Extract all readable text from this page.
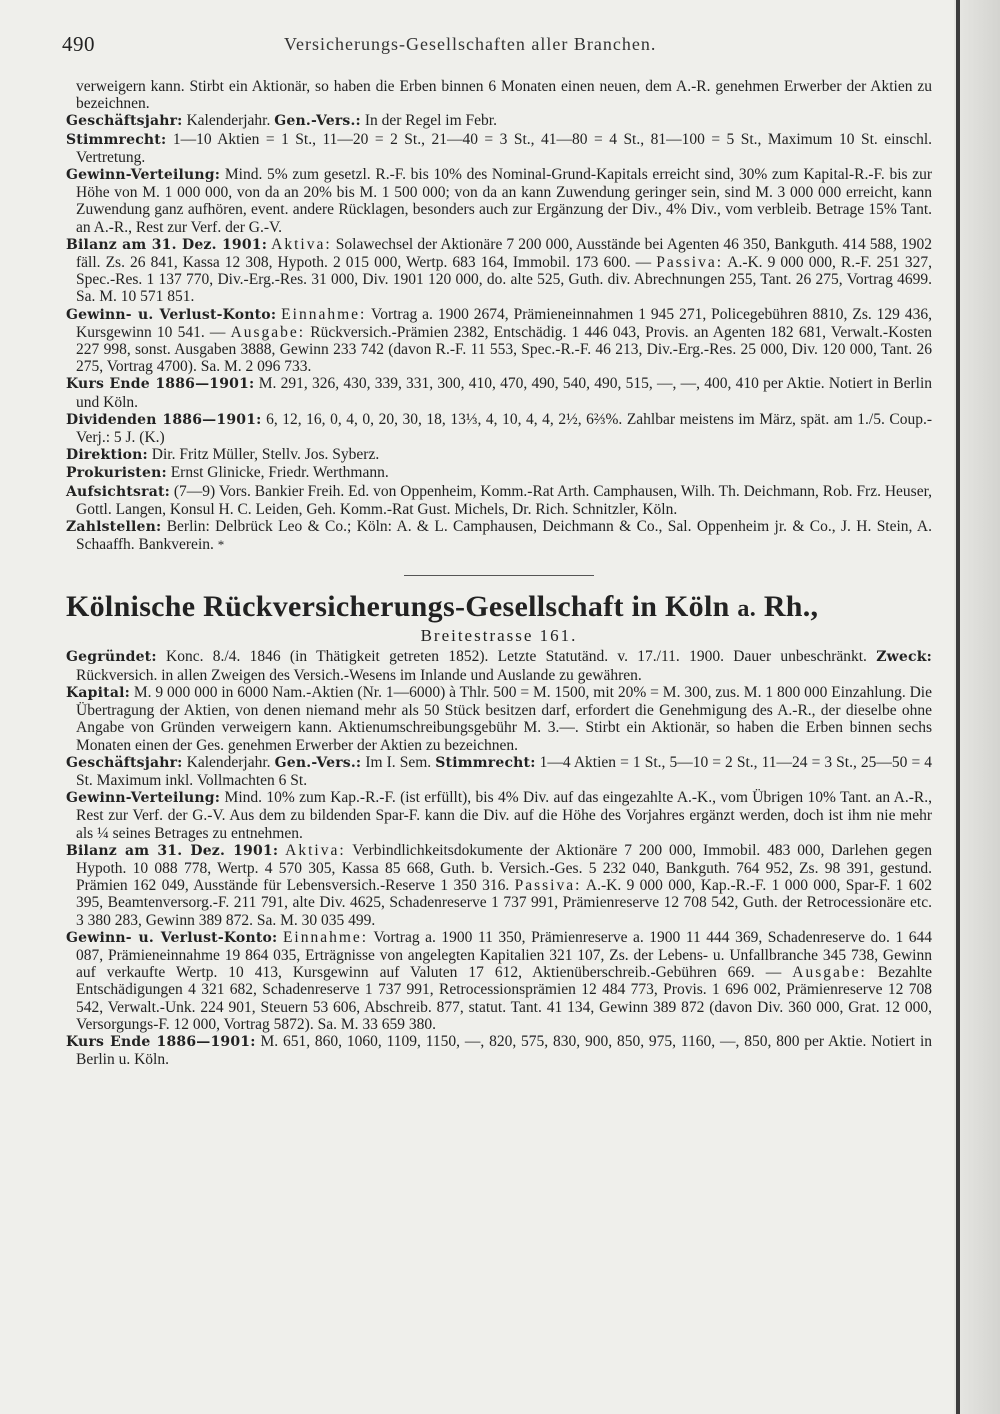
490	Versicherungs-Gesellschaften aller Branchen.

verweigern kann. Stirbt ein Aktionär, so haben die Erben binnen 6 Monaten einen neuen, dem A.-R. genehmen Erwerber der Aktien zu bezeichnen.

Geschäftsjahr: Kalenderjahr. Gen.-Vers.: In der Regel im Febr.

Stimmrecht: 1—10 Aktien = 1 St., 11—20 = 2 St., 21—40 = 3 St., 41—80 = 4 St., 81—100 = 5 St., Maximum 10 St. einschl. Vertretung.

Gewinn-Verteilung: Mind. 5% zum gesetzl. R.-F. bis 10% des Nominal-Grund-Kapitals erreicht sind, 30% zum Kapital-R.-F. bis zur Höhe von M. 1 000 000, von da an 20% bis M. 1 500 000; von da an kann Zuwendung geringer sein, sind M. 3 000 000 erreicht, kann Zuwendung ganz aufhören, event. andere Rücklagen, besonders auch zur Ergänzung der Div., 4% Div., vom verbleib. Betrage 15% Tant. an A.-R., Rest zur Verf. der G.-V.

Bilanz am 31. Dez. 1901: Aktiva: Solawechsel der Aktionäre 7 200 000, Ausstände bei Agenten 46 350, Bankguth. 414 588, 1902 fäll. Zs. 26 841, Kassa 12 308, Hypoth. 2 015 000, Wertp. 683 164, Immobil. 173 600. — Passiva: A.-K. 9 000 000, R.-F. 251 327, Spec.-Res. 1 137 770, Div.-Erg.-Res. 31 000, Div. 1901 120 000, do. alte 525, Guth. div. Abrechnungen 255, Tant. 26 275, Vortrag 4699. Sa. M. 10 571 851.

Gewinn- u. Verlust-Konto: Einnahme: Vortrag a. 1900 2674, Prämieneinnahmen 1 945 271, Policegebühren 8810, Zs. 129 436, Kursgewinn 10 541. — Ausgabe: Rückversich.-Prämien 2382, Entschädig. 1 446 043, Provis. an Agenten 182 681, Verwalt.-Kosten 227 998, sonst. Ausgaben 3888, Gewinn 233 742 (davon R.-F. 11 553, Spec.-R.-F. 46 213, Div.-Erg.-Res. 25 000, Div. 120 000, Tant. 26 275, Vortrag 4700). Sa. M. 2 096 733.

Kurs Ende 1886—1901: M. 291, 326, 430, 339, 331, 300, 410, 470, 490, 540, 490, 515, —, —, 400, 410 per Aktie. Notiert in Berlin und Köln.

Dividenden 1886—1901: 6, 12, 16, 0, 4, 0, 20, 30, 18, 13⅓, 4, 10, 4, 4, 2½, 6⅔%. Zahlbar meistens im März, spät. am 1./5. Coup.-Verj.: 5 J. (K.)

Direktion: Dir. Fritz Müller, Stellv. Jos. Syberz.

Prokuristen: Ernst Glinicke, Friedr. Werthmann.

Aufsichtsrat: (7—9) Vors. Bankier Freih. Ed. von Oppenheim, Komm.-Rat Arth. Camphausen, Wilh. Th. Deichmann, Rob. Frz. Heuser, Gottl. Langen, Konsul H. C. Leiden, Geh. Komm.-Rat Gust. Michels, Dr. Rich. Schnitzler, Köln.

Zahlstellen: Berlin: Delbrück Leo & Co.; Köln: A. & L. Camphausen, Deichmann & Co., Sal. Oppenheim jr. & Co., J. H. Stein, A. Schaaffh. Bankverein. *

Kölnische Rückversicherungs-Gesellschaft in Köln a. Rh.,

Breitestrasse 161.

Gegründet: Konc. 8./4. 1846 (in Thätigkeit getreten 1852). Letzte Statutänd. v. 17./11. 1900. Dauer unbeschränkt. Zweck: Rückversich. in allen Zweigen des Versich.-Wesens im Inlande und Auslande zu gewähren.

Kapital: M. 9 000 000 in 6000 Nam.-Aktien (Nr. 1—6000) à Thlr. 500 = M. 1500, mit 20% = M. 300, zus. M. 1 800 000 Einzahlung. Die Übertragung der Aktien, von denen niemand mehr als 50 Stück besitzen darf, erfordert die Genehmigung des A.-R., der dieselbe ohne Angabe von Gründen verweigern kann. Aktienumschreibungsgebühr M. 3.—. Stirbt ein Aktionär, so haben die Erben binnen sechs Monaten einen der Ges. genehmen Erwerber der Aktien zu bezeichnen.

Geschäftsjahr: Kalenderjahr. Gen.-Vers.: Im I. Sem. Stimmrecht: 1—4 Aktien = 1 St., 5—10 = 2 St., 11—24 = 3 St., 25—50 = 4 St. Maximum inkl. Vollmachten 6 St.

Gewinn-Verteilung: Mind. 10% zum Kap.-R.-F. (ist erfüllt), bis 4% Div. auf das eingezahlte A.-K., vom Übrigen 10% Tant. an A.-R., Rest zur Verf. der G.-V. Aus dem zu bildenden Spar-F. kann die Div. auf die Höhe des Vorjahres ergänzt werden, doch ist ihm nie mehr als ¼ seines Betrages zu entnehmen.

Bilanz am 31. Dez. 1901: Aktiva: Verbindlichkeitsdokumente der Aktionäre 7 200 000, Immobil. 483 000, Darlehen gegen Hypoth. 10 088 778, Wertp. 4 570 305, Kassa 85 668, Guth. b. Versich.-Ges. 5 232 040, Bankguth. 764 952, Zs. 98 391, gestund. Prämien 162 049, Ausstände für Lebensversich.-Reserve 1 350 316. Passiva: A.-K. 9 000 000, Kap.-R.-F. 1 000 000, Spar-F. 1 602 395, Beamtenversorg.-F. 211 791, alte Div. 4625, Schadenreserve 1 737 991, Prämienreserve 12 708 542, Guth. der Retrocessionäre etc. 3 380 283, Gewinn 389 872. Sa. M. 30 035 499.

Gewinn- u. Verlust-Konto: Einnahme: Vortrag a. 1900 11 350, Prämienreserve a. 1900 11 444 369, Schadenreserve do. 1 644 087, Prämieneinnahme 19 864 035, Erträgnisse von angelegten Kapitalien 321 107, Zs. der Lebens- u. Unfallbranche 345 738, Gewinn auf verkaufte Wertp. 10 413, Kursgewinn auf Valuten 17 612, Aktienüberschreib.-Gebühren 669. — Ausgabe: Bezahlte Entschädigungen 4 321 682, Schadenreserve 1 737 991, Retrocessionsprämien 12 484 773, Provis. 1 696 002, Prämienreserve 12 708 542, Verwalt.-Unk. 224 901, Steuern 53 606, Abschreib. 877, statut. Tant. 41 134, Gewinn 389 872 (davon Div. 360 000, Grat. 12 000, Versorgungs-F. 12 000, Vortrag 5872). Sa. M. 33 659 380.

Kurs Ende 1886—1901: M. 651, 860, 1060, 1109, 1150, —, 820, 575, 830, 900, 850, 975, 1160, —, 850, 800 per Aktie. Notiert in Berlin u. Köln.
